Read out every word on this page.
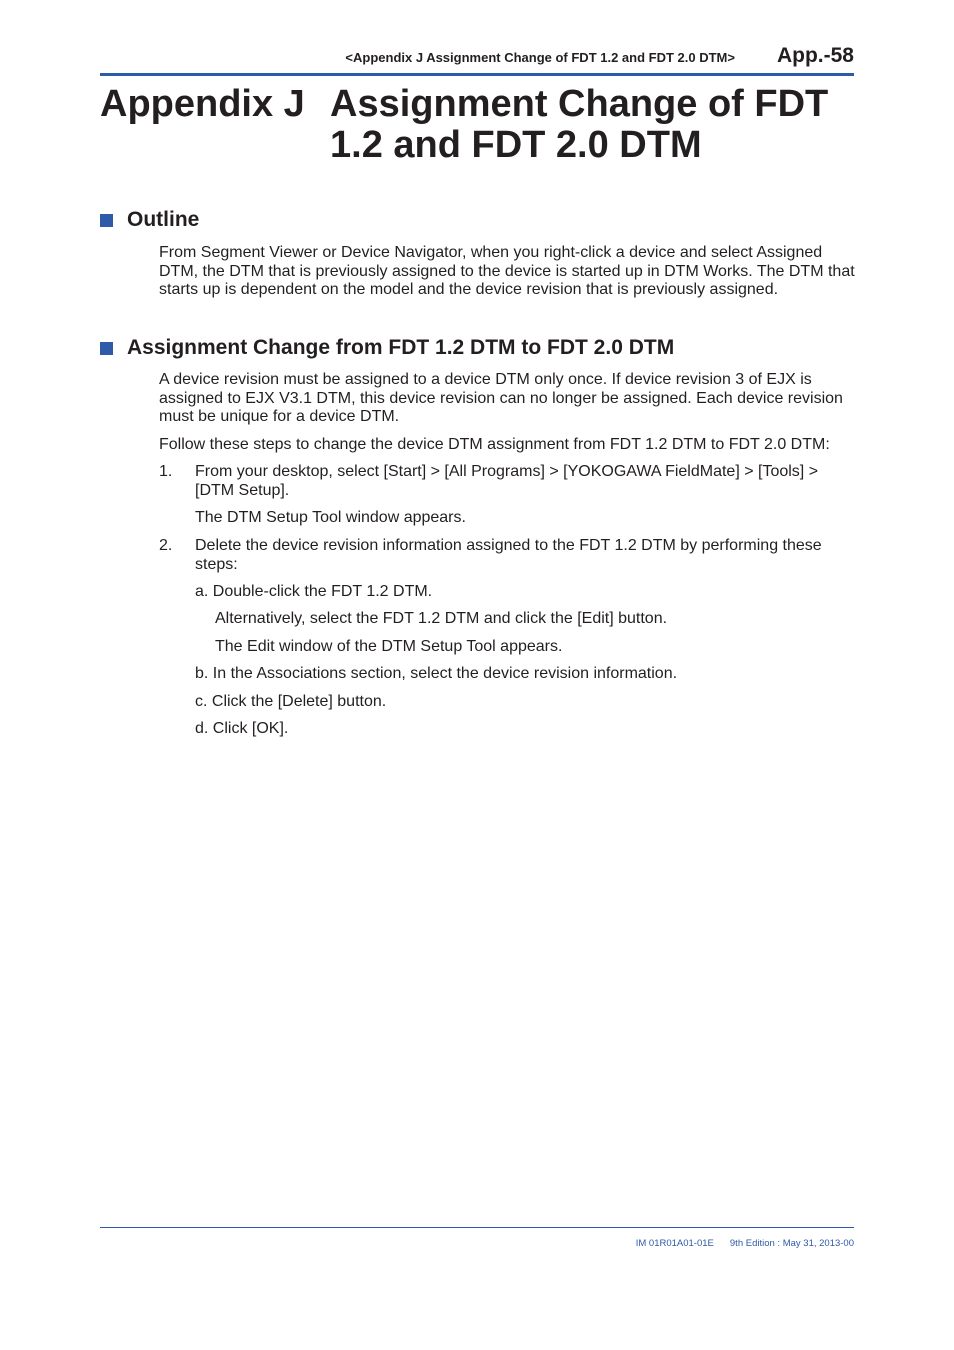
<Appendix J Assignment Change of FDT 1.2 and FDT 2.0 DTM> App.-58
Appendix J Assignment Change of FDT 1.2 and FDT 2.0 DTM
Outline

From Segment Viewer or Device Navigator, when you right-click a device and select Assigned DTM, the DTM that is previously assigned to the device is started up in DTM Works. The DTM that starts up is dependent on the model and the device revision that is previously assigned.

Assignment Change from FDT 1.2 DTM to FDT 2.0 DTM

A device revision must be assigned to a device DTM only once. If device revision 3 of EJX is assigned to EJX V3.1 DTM, this device revision can no longer be assigned. Each device revision must be unique for a device DTM.

Follow these steps to change the device DTM assignment from FDT 1.2 DTM to FDT 2.0 DTM:

1. From your desktop, select [Start] > [All Programs] > [YOKOGAWA FieldMate] > [Tools] > [DTM Setup].
The DTM Setup Tool window appears.
2. Delete the device revision information assigned to the FDT 1.2 DTM by performing these steps:
a. Double-click the FDT 1.2 DTM.
Alternatively, select the FDT 1.2 DTM and click the [Edit] button.
The Edit window of the DTM Setup Tool appears.
b. In the Associations section, select the device revision information.
c. Click the [Delete] button.
d. Click [OK].
IM 01R01A01-01E 9th Edition : May 31, 2013-00
